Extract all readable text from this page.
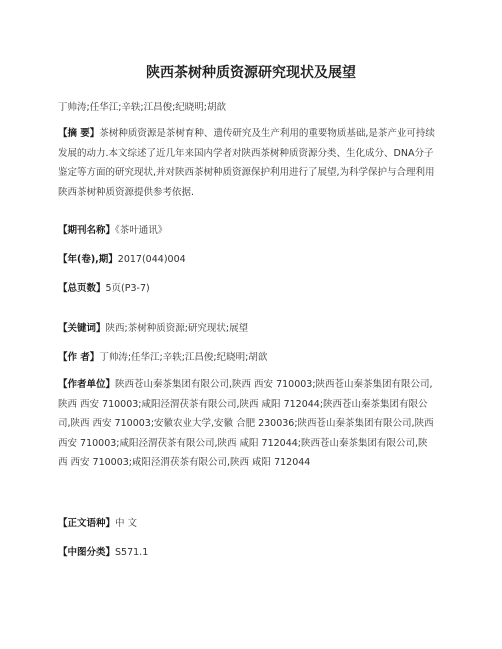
陕西茶树种质资源研究现状及展望
丁帅涛;任华江;辛轶;江昌俊;纪晓明;胡歆
【摘 要】茶树种质资源是茶树育种、遗传研究及生产利用的重要物质基础,是茶产业可持续发展的动力.本文综述了近几年来国内学者对陕西茶树种质资源分类、生化成分、DNA分子鉴定等方面的研究现状,并对陕西茶树种质资源保护利用进行了展望,为科学保护与合理利用陕西茶树种质资源提供参考依据.
【期刊名称】《茶叶通讯》
【年(卷),期】2017(044)004
【总页数】5页(P3-7)
【关键词】陕西;茶树种质资源;研究现状;展望
【作 者】丁帅涛;任华江;辛轶;江昌俊;纪晓明;胡歆
【作者单位】陕西苍山秦茶集团有限公司,陕西 西安 710003;陕西苍山秦茶集团有限公司,陕西 西安 710003;咸阳泾渭茯茶有限公司,陕西 咸阳 712044;陕西苍山秦茶集团有限公司,陕西 西安 710003;安徽农业大学,安徽 合肥 230036;陕西苍山秦茶集团有限公司,陕西 西安 710003;咸阳泾渭茯茶有限公司,陕西 咸阳 712044;陕西苍山秦茶集团有限公司,陕西 西安 710003;咸阳泾渭茯茶有限公司,陕西 咸阳 712044
【正文语种】中 文
【中图分类】S571.1
